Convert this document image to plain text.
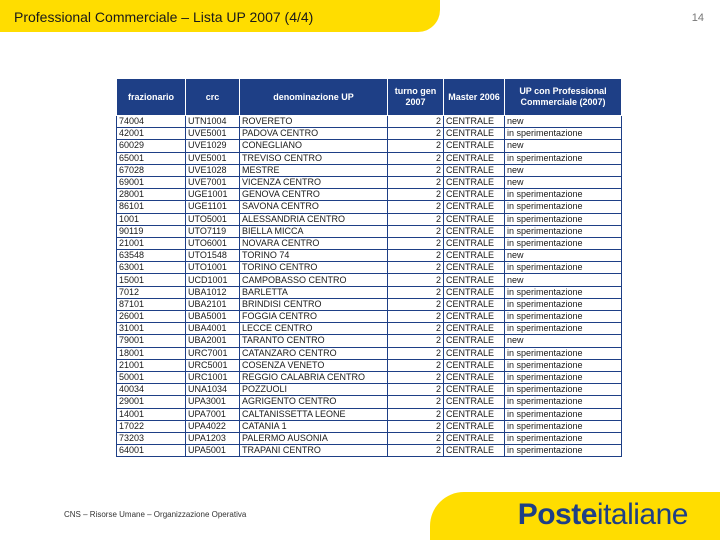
Professional Commerciale – Lista UP 2007 (4/4)	14
frazionario	crc	denominazione UP	turno gen 2007	Master 2006	UP con Professional Commerciale (2007)
74004	UTN1004	ROVERETO	2	CENTRALE	new
42001	UVE5001	PADOVA CENTRO	2	CENTRALE	in sperimentazione
60029	UVE1029	CONEGLIANO	2	CENTRALE	new
65001	UVE5001	TREVISO CENTRO	2	CENTRALE	in sperimentazione
67028	UVE1028	MESTRE	2	CENTRALE	new
69001	UVE7001	VICENZA CENTRO	2	CENTRALE	new
28001	UGE1001	GENOVA CENTRO	2	CENTRALE	in sperimentazione
86101	UGE1101	SAVONA CENTRO	2	CENTRALE	in sperimentazione
1001	UTO5001	ALESSANDRIA CENTRO	2	CENTRALE	in sperimentazione
90119	UTO7119	BIELLA MICCA	2	CENTRALE	in sperimentazione
21001	UTO6001	NOVARA CENTRO	2	CENTRALE	in sperimentazione
63548	UTO1548	TORINO 74	2	CENTRALE	new
63001	UTO1001	TORINO CENTRO	2	CENTRALE	in sperimentazione
15001	UCD1001	CAMPOBASSO CENTRO	2	CENTRALE	new
7012	UBA1012	BARLETTA	2	CENTRALE	in sperimentazione
87101	UBA2101	BRINDISI CENTRO	2	CENTRALE	in sperimentazione
26001	UBA5001	FOGGIA CENTRO	2	CENTRALE	in sperimentazione
31001	UBA4001	LECCE CENTRO	2	CENTRALE	in sperimentazione
79001	UBA2001	TARANTO CENTRO	2	CENTRALE	new
18001	URC7001	CATANZARO CENTRO	2	CENTRALE	in sperimentazione
21001	URC5001	COSENZA VENETO	2	CENTRALE	in sperimentazione
50001	URC1001	REGGIO CALABRIA CENTRO	2	CENTRALE	in sperimentazione
40034	UNA1034	POZZUOLI	2	CENTRALE	in sperimentazione
29001	UPA3001	AGRIGENTO CENTRO	2	CENTRALE	in sperimentazione
14001	UPA7001	CALTANISSETTA LEONE	2	CENTRALE	in sperimentazione
17022	UPA4022	CATANIA 1	2	CENTRALE	in sperimentazione
73203	UPA1203	PALERMO AUSONIA	2	CENTRALE	in sperimentazione
64001	UPA5001	TRAPANI CENTRO	2	CENTRALE	in sperimentazione
CNS – Risorse Umane – Organizzazione Operativa	Posteitaliane
